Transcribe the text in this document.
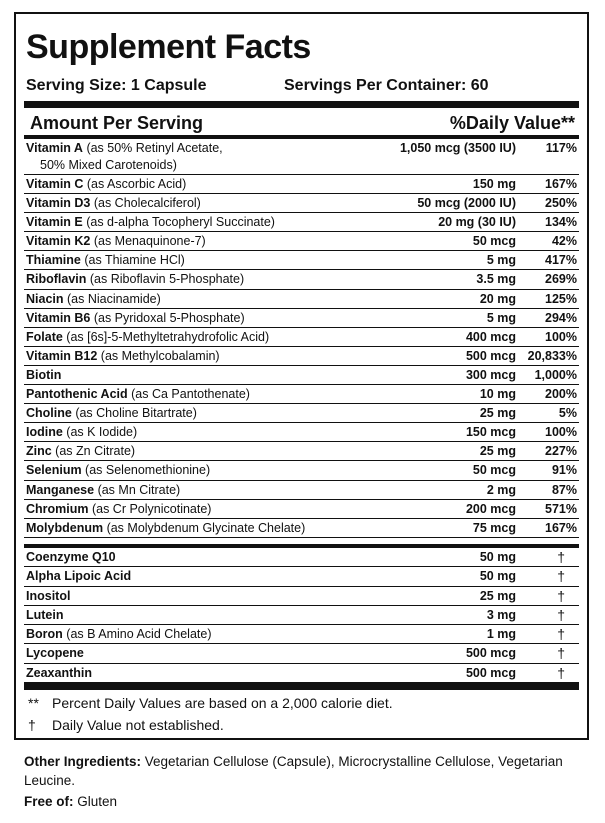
Supplement Facts
Serving Size: 1 Capsule	Servings Per Container: 60
Amount Per Serving	%Daily Value**
Vitamin A (as 50% Retinyl Acetate,
50% Mixed Carotenoids)
1,050 mcg (3500 IU) 117%
Vitamin C (as Ascorbic Acid)	150 mg 167%
Vitamin D3 (as Cholecalciferol)	50 mcg (2000 IU) 250%
Vitamin E (as d-alpha Tocopheryl Succinate)	20 mg (30 IU) 134%
Vitamin K2 (as Menaquinone-7)	50 mcg	42%
Thiamine (as Thiamine HCl)	5 mg 417%
Riboflavin (as Riboflavin 5-Phosphate)	3.5 mg 269%
Niacin (as Niacinamide)	20 mg 125%
Vitamin B6 (as Pyridoxal 5-Phosphate)	5 mg 294%
Folate (as [6s]-5-Methyltetrahydrofolic Acid)	400 mcg 100%
Vitamin B12 (as Methylcobalamin)	500 mcg 20,833%
Biotin	300 mcg 1,000%
Pantothenic Acid (as Ca Pantothenate)	10 mg 200%
Choline (as Choline Bitartrate)	25 mg	5%
Iodine (as K Iodide)	150 mcg 100%
Zinc (as Zn Citrate)	25 mg 227%
Selenium (as Selenomethionine)	50 mcg	91%
Manganese (as Mn Citrate)	2 mg	87%
Chromium (as Cr Polynicotinate)	200 mcg 571%
Molybdenum (as Molybdenum Glycinate Chelate)	75 mcg 167%
Coenzyme Q10	50 mg	†
Alpha Lipoic Acid	50 mg	†
Inositol	25 mg	†
Lutein	3 mg	†
Boron (as B Amino Acid Chelate)	1 mg	†
Lycopene	500 mcg	†
Zeaxanthin	500 mcg	†
** Percent Daily Values are based on a 2,000 calorie diet.
† Daily Value not established.
Other Ingredients: Vegetarian Cellulose (Capsule), Microcrystalline Cellulose, Vegetarian Leucine.
Free of: Gluten
